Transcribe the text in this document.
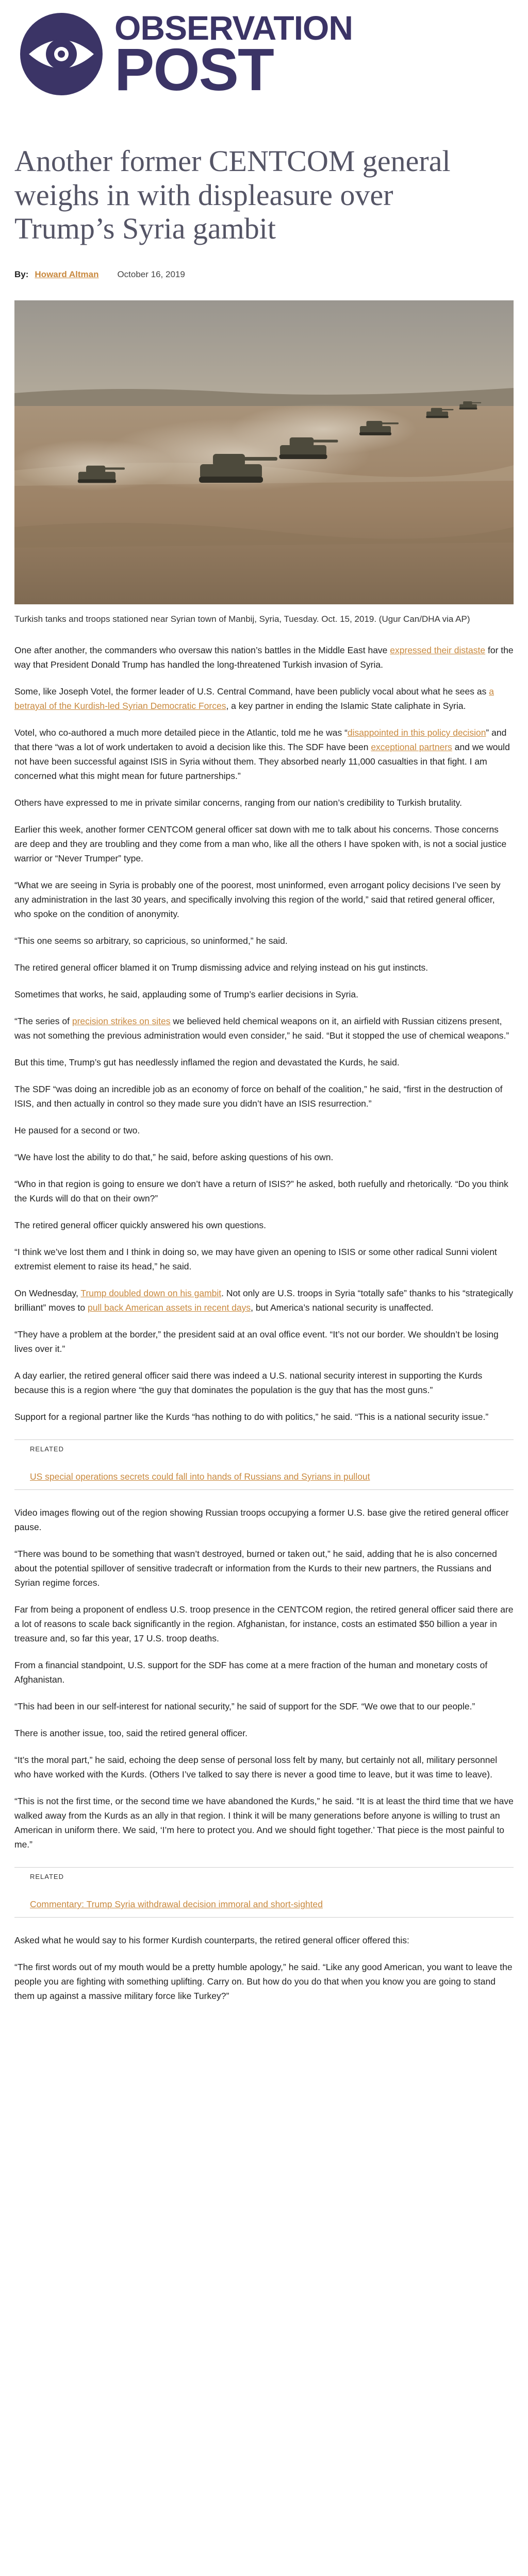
OBSERVATION
POST
Another former CENTCOM general weighs in with displeasure over Trump’s Syria gambit
By: Howard Altman October 16, 2019
Turkish tanks and troops stationed near Syrian town of Manbij, Syria, Tuesday. Oct. 15, 2019. (Ugur Can/DHA via AP)

One after another, the commanders who oversaw this nation’s battles in the Middle East have expressed their distaste for the way that President Donald Trump has handled the long-threatened Turkish invasion of Syria.

Some, like Joseph Votel, the former leader of U.S. Central Command, have been publicly vocal about what he sees as a betrayal of the Kurdish-led Syrian Democratic Forces, a key partner in ending the Islamic State caliphate in Syria.

Votel, who co-authored a much more detailed piece in the Atlantic, told me he was “disappointed in this policy decision” and that there “was a lot of work undertaken to avoid a decision like this. The SDF have been exceptional partners and we would not have been successful against ISIS in Syria without them. They absorbed nearly 11,000 casualties in that fight. I am concerned what this might mean for future partnerships.”

Others have expressed to me in private similar concerns, ranging from our nation’s credibility to Turkish brutality.

Earlier this week, another former CENTCOM general officer sat down with me to talk about his concerns. Those concerns are deep and they are troubling and they come from a man who, like all the others I have spoken with, is not a social justice warrior or “Never Trumper” type.

“What we are seeing in Syria is probably one of the poorest, most uninformed, even arrogant policy decisions I’ve seen by any administration in the last 30 years, and specifically involving this region of the world,” said that retired general officer, who spoke on the condition of anonymity.

“This one seems so arbitrary, so capricious, so uninformed,” he said.

The retired general officer blamed it on Trump dismissing advice and relying instead on his gut instincts.

Sometimes that works, he said, applauding some of Trump’s earlier decisions in Syria.

“The series of precision strikes on sites we believed held chemical weapons on it, an airfield with Russian citizens present, was not something the previous administration would even consider,” he said. “But it stopped the use of chemical weapons.”

But this time, Trump’s gut has needlessly inflamed the region and devastated the Kurds, he said.

The SDF “was doing an incredible job as an economy of force on behalf of the coalition,” he said, “first in the destruction of ISIS, and then actually in control so they made sure you didn’t have an ISIS resurrection.”

He paused for a second or two.

“We have lost the ability to do that,” he said, before asking questions of his own.

“Who in that region is going to ensure we don’t have a return of ISIS?” he asked, both ruefully and rhetorically. “Do you think the Kurds will do that on their own?”

The retired general officer quickly answered his own questions.

“I think we’ve lost them and I think in doing so, we may have given an opening to ISIS or some other radical Sunni violent extremist element to raise its head,” he said.

On Wednesday, Trump doubled down on his gambit. Not only are U.S. troops in Syria “totally safe” thanks to his “strategically brilliant” moves to pull back American assets in recent days, but America’s national security is unaffected.

“They have a problem at the border,” the president said at an oval office event. “It’s not our border. We shouldn’t be losing lives over it.”

A day earlier, the retired general officer said there was indeed a U.S. national security interest in supporting the Kurds because this is a region where “the guy that dominates the population is the guy that has the most guns.”

Support for a regional partner like the Kurds “has nothing to do with politics,” he said. “This is a national security issue.”

RELATED
US special operations secrets could fall into hands of Russians and Syrians in pullout

Video images flowing out of the region showing Russian troops occupying a former U.S. base give the retired general officer pause.

“There was bound to be something that wasn’t destroyed, burned or taken out,” he said, adding that he is also concerned about the potential spillover of sensitive tradecraft or information from the Kurds to their new partners, the Russians and Syrian regime forces.

Far from being a proponent of endless U.S. troop presence in the CENTCOM region, the retired general officer said there are a lot of reasons to scale back significantly in the region. Afghanistan, for instance, costs an estimated $50 billion a year in treasure and, so far this year, 17 U.S. troop deaths.

From a financial standpoint, U.S. support for the SDF has come at a mere fraction of the human and monetary costs of Afghanistan.

“This had been in our self-interest for national security,” he said of support for the SDF. “We owe that to our people.”

There is another issue, too, said the retired general officer.

“It’s the moral part,” he said, echoing the deep sense of personal loss felt by many, but certainly not all, military personnel who have worked with the Kurds. (Others I’ve talked to say there is never a good time to leave, but it was time to leave).

“This is not the first time, or the second time we have abandoned the Kurds,” he said. “It is at least the third time that we have walked away from the Kurds as an ally in that region. I think it will be many generations before anyone is willing to trust an American in uniform there. We said, ‘I’m here to protect you. And we should fight together.’ That piece is the most painful to me.”

RELATED
Commentary: Trump Syria withdrawal decision immoral and short-sighted

Asked what he would say to his former Kurdish counterparts, the retired general officer offered this:

“The first words out of my mouth would be a pretty humble apology,” he said. “Like any good American, you want to leave the people you are fighting with something uplifting. Carry on. But how do you do that when you know you are going to stand them up against a massive military force like Turkey?”
